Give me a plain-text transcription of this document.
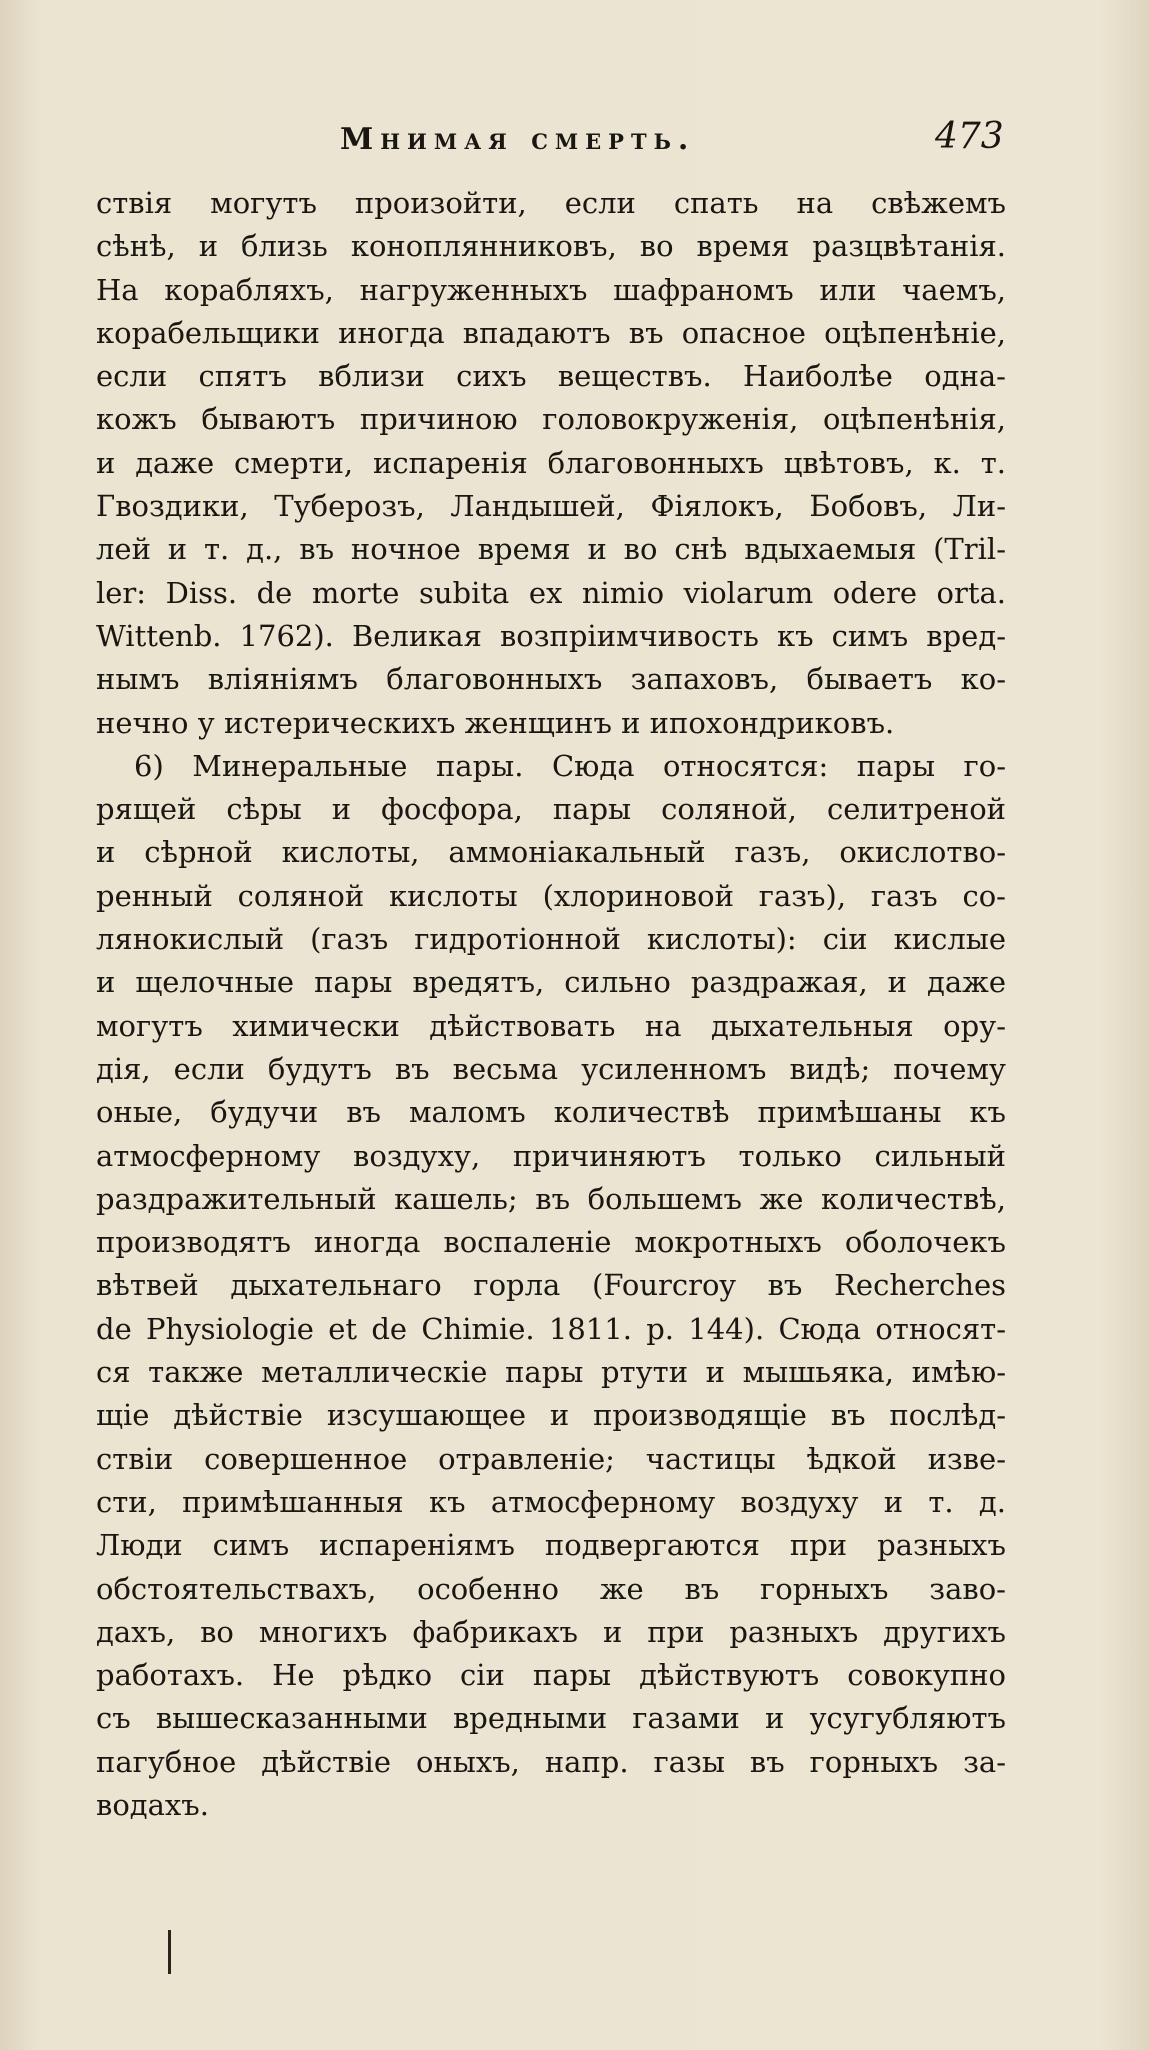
Мнимая смерть.	473
ствія могутъ произойти, если спать на свѣжемъ
сѣнѣ, и близь коноплянниковъ, во время разцвѣтанія.
На корабляхъ, нагруженныхъ шафраномъ или чаемъ,
корабельщики иногда впадаютъ въ опасное оцѣпенѣніе,
если спятъ вблизи сихъ веществъ. Наиболѣе одна-
кожъ бываютъ причиною головокруженія, оцѣпенѣнія,
и даже смерти, испаренія благовонныхъ цвѣтовъ, к. т.
Гвоздики, Туберозъ, Ландышей, Фіялокъ, Бобовъ, Ли-
лей и т. д., въ ночное время и во снѣ вдыхаемыя (Tril-
ler: Diss. de morte subita ex nimio violarum odere orta.
Wittenb. 1762). Великая возпріимчивость къ симъ вред-
нымъ вліяніямъ благовонныхъ запаховъ, бываетъ ко-
нечно у истерическихъ женщинъ и ипохондриковъ.
6) Минеральные пары. Сюда относятся: пары го-
рящей сѣры и фосфора, пары соляной, селитреной
и сѣрной кислоты, аммоніакальный газъ, окислотво-
ренный соляной кислоты (хлориновой газъ), газъ со-
лянокислый (газъ гидротіонной кислоты): сіи кислые
и щелочные пары вредятъ, сильно раздражая, и даже
могутъ химически дѣйствовать на дыхательныя ору-
дія, если будутъ въ весьма усиленномъ видѣ; почему
оные, будучи въ маломъ количествѣ примѣшаны къ
атмосферному воздуху, причиняютъ только сильный
раздражительный кашель; въ большемъ же количествѣ,
производятъ иногда воспаленіе мокротныхъ оболочекъ
вѣтвей дыхательнаго горла (Fourcroy въ Recherches
de Physiologie et de Chimie. 1811. p. 144). Сюда относят-
ся также металлическіе пары ртути и мышьяка, имѣю-
щіе дѣйствіе изсушающее и производящіе въ послѣд-
ствіи совершенное отравленіе; частицы ѣдкой изве-
сти, примѣшанныя къ атмосферному воздуху и т. д.
Люди симъ испареніямъ подвергаются при разныхъ
обстоятельствахъ, особенно же въ горныхъ заво-
дахъ, во многихъ фабрикахъ и при разныхъ другихъ
работахъ. Не рѣдко сіи пары дѣйствуютъ совокупно
съ вышесказанными вредными газами и усугубляютъ
пагубное дѣйствіе оныхъ, напр. газы въ горныхъ за-
водахъ.
